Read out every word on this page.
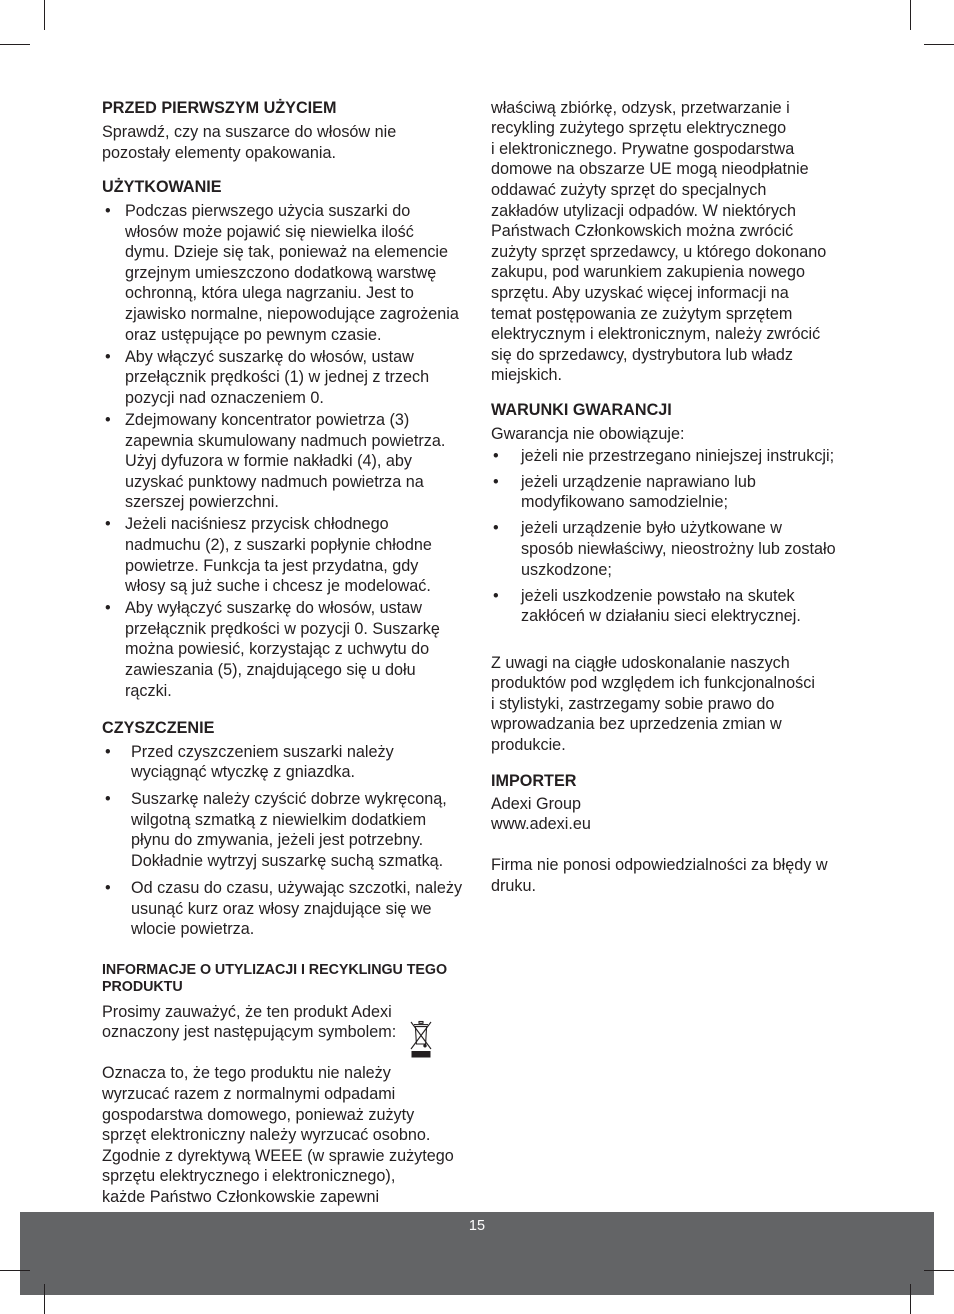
PRZED PIERWSZYM UŻYCIEM

Sprawdź, czy na suszarce do włosów nie
pozostały elementy opakowania.

UŻYTKOWANIE
•
Podczas pierwszego użycia suszarki do
włosów może pojawić się niewielka ilość
dymu. Dzieje się tak, ponieważ na elemencie
grzejnym umieszczono dodatkową warstwę
ochronną, która ulega nagrzaniu. Jest to
zjawisko normalne, niepowodujące zagrożenia
oraz ustępujące po pewnym czasie.
•
Aby włączyć suszarkę do włosów, ustaw
przełącznik prędkości (1) w jednej z trzech
pozycji nad oznaczeniem 0.
•
Zdejmowany koncentrator powietrza (3)
zapewnia skumulowany nadmuch powietrza.
Użyj dyfuzora w formie nakładki (4), aby
uzyskać punktowy nadmuch powietrza na
szerszej powierzchni.
•
Jeżeli naciśniesz przycisk chłodnego
nadmuchu (2), z suszarki popłynie chłodne
powietrze. Funkcja ta jest przydatna, gdy
włosy są już suche i chcesz je modelować.
•
Aby wyłączyć suszarkę do włosów, ustaw
przełącznik prędkości w pozycji 0. Suszarkę
można powiesić, korzystając z uchwytu do
zawieszania (5), znajdującego się u dołu
rączki.
CZYSZCZENIE
•
Przed czyszczeniem suszarki należy
wyciągnąć wtyczkę z gniazdka.
•
Suszarkę należy czyścić dobrze wykręconą,
wilgotną szmatką z niewielkim dodatkiem
płynu do zmywania, jeżeli jest potrzebny.
Dokładnie wytrzyj suszarkę suchą szmatką.
•
Od czasu do czasu, używając szczotki, należy
usunąć kurz oraz włosy znajdujące się we
wlocie powietrza.
INFORMACJE O UTYLIZACJI I RECYKLINGU TEGO
PRODUKTU
Prosimy zauważyć, że ten produkt Adexi
oznaczony jest następującym symbolem:

Oznacza to, że tego produktu nie należy
wyrzucać razem z normalnymi odpadami
gospodarstwa domowego, ponieważ zużyty
sprzęt elektroniczny należy wyrzucać osobno.
Zgodnie z dyrektywą WEEE (w sprawie zużytego
sprzętu elektrycznego i elektronicznego),
każde Państwo Członkowskie zapewni

właściwą zbiórkę, odzysk, przetwarzanie i
recykling zużytego sprzętu elektrycznego
i elektronicznego. Prywatne gospodarstwa
domowe na obszarze UE mogą nieodpłatnie
oddawać zużyty sprzęt do specjalnych
zakładów utylizacji odpadów. W niektórych
Państwach Członkowskich można zwrócić
zużyty sprzęt sprzedawcy, u którego dokonano
zakupu, pod warunkiem zakupienia nowego
sprzętu. Aby uzyskać więcej informacji na
temat postępowania ze zużytym sprzętem
elektrycznym i elektronicznym, należy zwrócić
się do sprzedawcy, dystrybutora lub władz
miejskich.

WARUNKI GWARANCJI

Gwarancja nie obowiązuje:

•
jeżeli nie przestrzegano niniejszej instrukcji;
•
jeżeli urządzenie naprawiano lub
modyfikowano samodzielnie;
•
jeżeli urządzenie było użytkowane w
sposób niewłaściwy, nieostrożny lub zostało
uszkodzone;
•
jeżeli uszkodzenie powstało na skutek
zakłóceń w działaniu sieci elektrycznej.

Z uwagi na ciągłe udoskonalanie naszych
produktów pod względem ich funkcjonalności
i stylistyki, zastrzegamy sobie prawo do
wprowadzania bez uprzedzenia zmian w
produkcie.

IMPORTER

Adexi Group

www.adexi.eu

Firma nie ponosi odpowiedzialności za błędy w
druku.

15
